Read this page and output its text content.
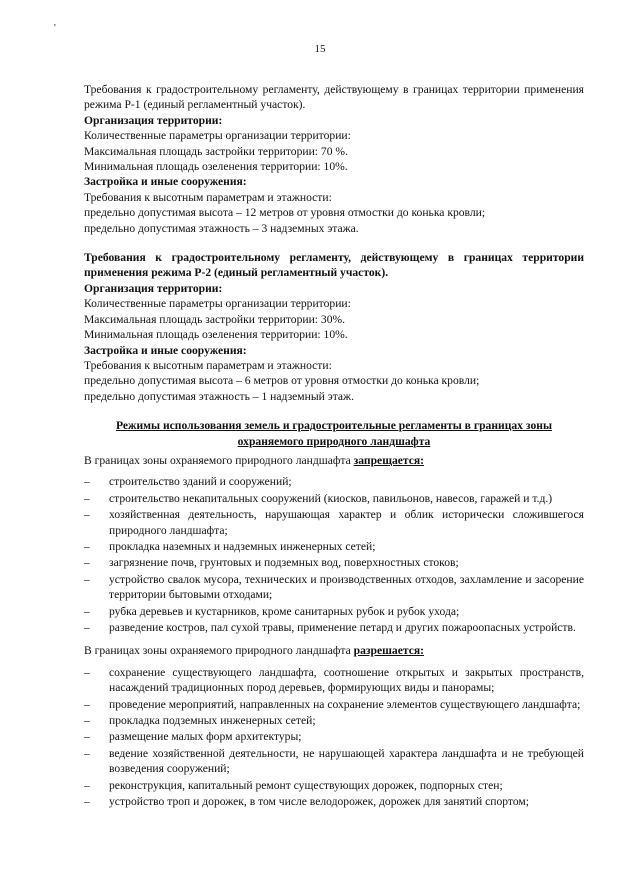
'
15

Требования к градостроительному регламенту, действующему в границах территории применения режима Р-1 (единый регламентный участок).

Организация территории:

Количественные параметры организации территории:

Максимальная площадь застройки территории: 70 %.

Минимальная площадь озеленения территории: 10%.

Застройка и иные сооружения:

Требования к высотным параметрам и этажности:

предельно допустимая высота – 12 метров от уровня отмостки до конька кровли;

предельно допустимая этажность – 3 надземных этажа.

Требования к градостроительному регламенту, действующему в границах территории применения режима Р-2 (единый регламентный участок).

Организация территории:

Количественные параметры организации территории:

Максимальная площадь застройки территории: 30%.

Минимальная площадь озеленения территории: 10%.

Застройка и иные сооружения:

Требования к высотным параметрам и этажности:

предельно допустимая высота – 6 метров от уровня отмостки до конька кровли;

предельно допустимая этажность – 1 надземный этаж.

Режимы использования земель и градостроительные регламенты в границах зоны
охраняемого природного ландшафта

В границах зоны охраняемого природного ландшафта запрещается:

– строительство зданий и сооружений;
– строительство некапитальных сооружений (киосков, павильонов, навесов, гаражей и т.д.)
– хозяйственная деятельность, нарушающая характер и облик исторически сложившегося природного ландшафта;
– прокладка наземных и надземных инженерных сетей;
– загрязнение почв, грунтовых и подземных вод, поверхностных стоков;
– устройство свалок мусора, технических и производственных отходов, захламление и засорение территории бытовыми отходами;
– рубка деревьев и кустарников, кроме санитарных рубок и рубок ухода;
– разведение костров, пал сухой травы, применение петард и других пожароопасных устройств.

В границах зоны охраняемого природного ландшафта разрешается:

– сохранение существующего ландшафта, соотношение открытых и закрытых пространств, насаждений традиционных пород деревьев, формирующих виды и панорамы;
– проведение мероприятий, направленных на сохранение элементов существующего ландшафта;
– прокладка подземных инженерных сетей;
– размещение малых форм архитектуры;
– ведение хозяйственной деятельности, не нарушающей характера ландшафта и не требующей возведения сооружений;
– реконструкция, капитальный ремонт существующих дорожек, подпорных стен;
– устройство троп и дорожек, в том числе велодорожек, дорожек для занятий спортом;
